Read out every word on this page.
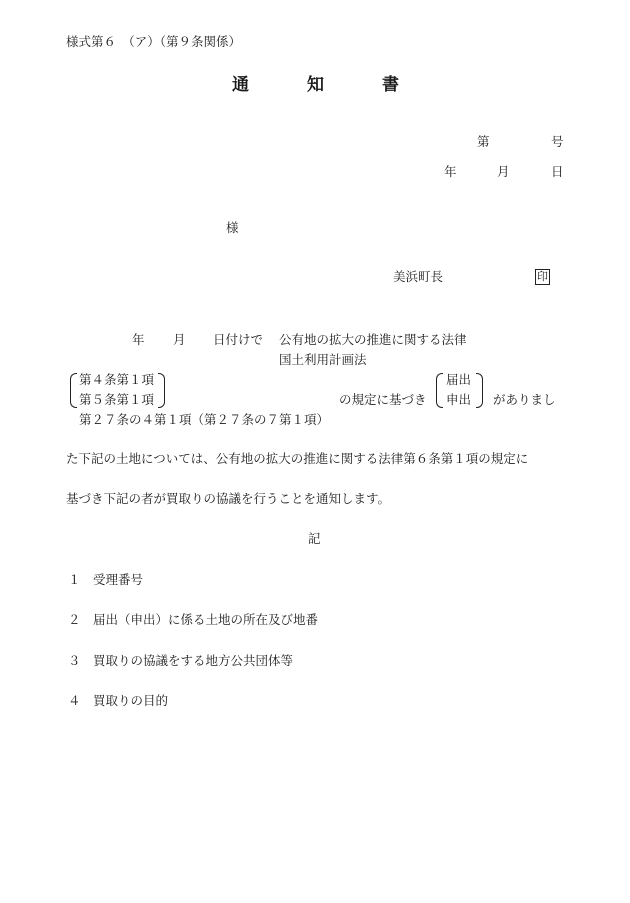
様式第６　（ア）（第９条関係）
通	知	書
第	号
年	月	日
様
美浜町長	印
年 月 日付けで 公有地の拡大の推進に関する法律
国土利用計画法
第４条第１項
第５条第１項	の規定に基づき
届出
申出 がありまし
第２７条の４第１項（第２７条の７第１項）
た下記の土地については、公有地の拡大の推進に関する法律第６条第１項の規定に
基づき下記の者が買取りの協議を行うことを通知します。
記
１ 受理番号
２ 届出（申出）に係る土地の所在及び地番
３ 買取りの協議をする地方公共団体等
４ 買取りの目的
